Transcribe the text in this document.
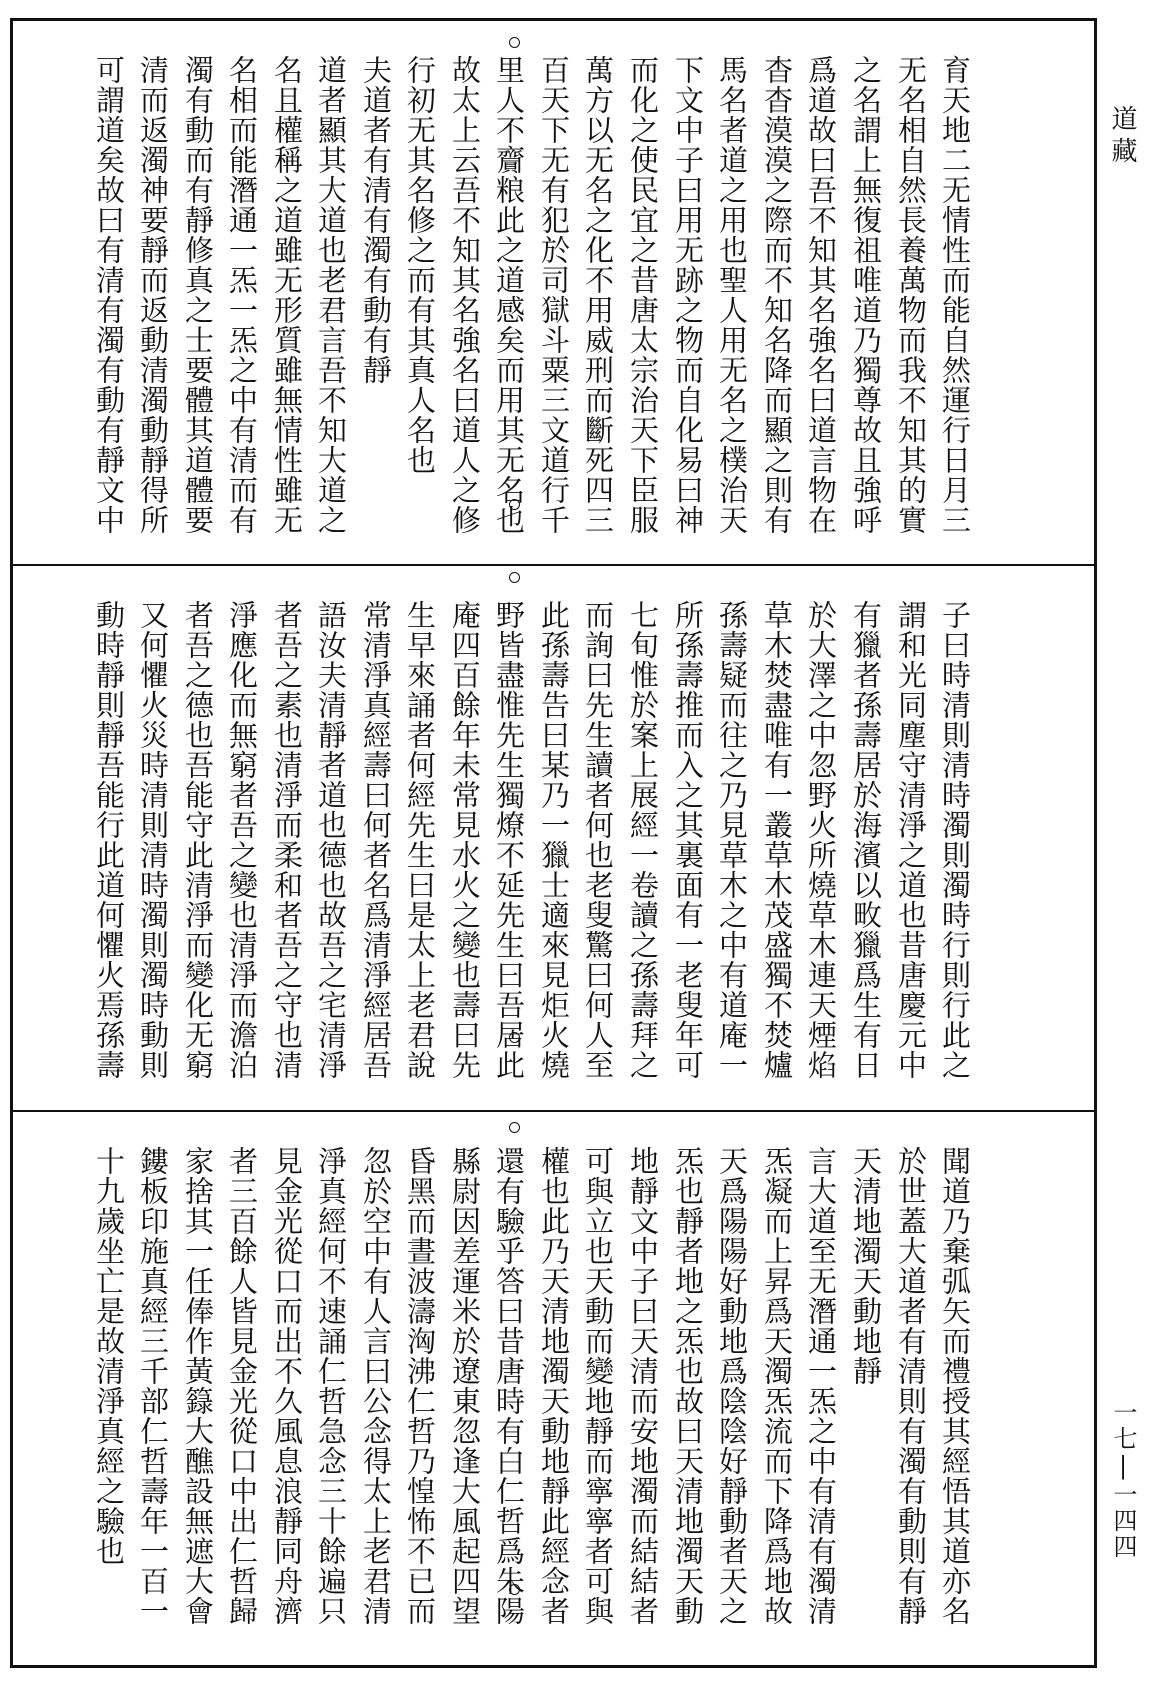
道藏
一七|一四四
育天地二无情性而能自然運行日月三
无名相自然長養萬物而我不知其的實
之名謂上無復祖唯道乃獨尊故且強呼
爲道故曰吾不知其名強名曰道言物在
杳杳漠漠之際而不知名降而顯之則有
馬名者道之用也聖人用无名之樸治天
下文中子曰用无跡之物而自化易曰神
而化之使民宜之昔唐太宗治天下臣服
萬方以无名之化不用威刑而斷死四三
百天下无有犯於司獄斗粟三文道行千
里人不齎粮此之道感矣而用其无名也
故太上云吾不知其名強名曰道人之修
行初无其名修之而有其真人名也
夫道者有清有濁有動有靜
道者顯其大道也老君言吾不知大道之
名且權稱之道雖无形質雖無情性雖无
名相而能潛通一炁一炁之中有清而有
濁有動而有靜修真之士要體其道體要
清而返濁神要靜而返動清濁動靜得所
可謂道矣故曰有清有濁有動有靜文中
子曰時清則清時濁則濁時行則行此之
謂和光同塵守清淨之道也昔唐慶元中
有獵者孫壽居於海濱以畋獵爲生有日
於大澤之中忽野火所燒草木連天煙焰
草木焚盡唯有一叢草木茂盛獨不焚爐
孫壽疑而往之乃見草木之中有道庵一
所孫壽推而入之其裏面有一老叟年可
七旬惟於案上展經一卷讀之孫壽拜之
而詢曰先生讀者何也老叟驚曰何人至
此孫壽告曰某乃一獵士適來見炬火燒
野皆盡惟先生獨燎不延先生曰吾居此
庵四百餘年未常見水火之變也壽曰先
生早來誦者何經先生曰是太上老君說
常清淨真經壽曰何者名爲清淨經居吾
語汝夫清靜者道也德也故吾之宅清淨
者吾之素也清淨而柔和者吾之守也清
淨應化而無窮者吾之變也清淨而澹泊
者吾之德也吾能守此清淨而變化无窮
又何懼火災時清則清時濁則濁時動則
動時靜則靜吾能行此道何懼火焉孫壽
聞道乃棄弧矢而禮授其經悟其道亦名
於世蓋大道者有清則有濁有動則有靜
天清地濁天動地靜
言大道至无潛通一炁之中有清有濁清
炁凝而上昇爲天濁炁流而下降爲地故
天爲陽陽好動地爲陰陰好靜動者天之
炁也靜者地之炁也故曰天清地濁天動
地靜文中子曰天清而安地濁而結結者
可與立也天動而變地靜而寧寧者可與
權也此乃天清地濁天動地靜此經念者
還有驗乎答曰昔唐時有白仁哲爲朱陽
縣尉因差運米於遼東忽逢大風起四望
昏黑而晝波濤洶沸仁哲乃惶怖不已而
忽於空中有人言曰公念得太上老君清
淨真經何不速誦仁哲急念三十餘遍只
見金光從口而出不久風息浪靜同舟濟
者三百餘人皆見金光從口中出仁哲歸
家捨其一任俸作黃籙大醮設無遮大會
鏤板印施真經三千部仁哲壽年一百一
十九歲坐亡是故清淨真經之驗也
